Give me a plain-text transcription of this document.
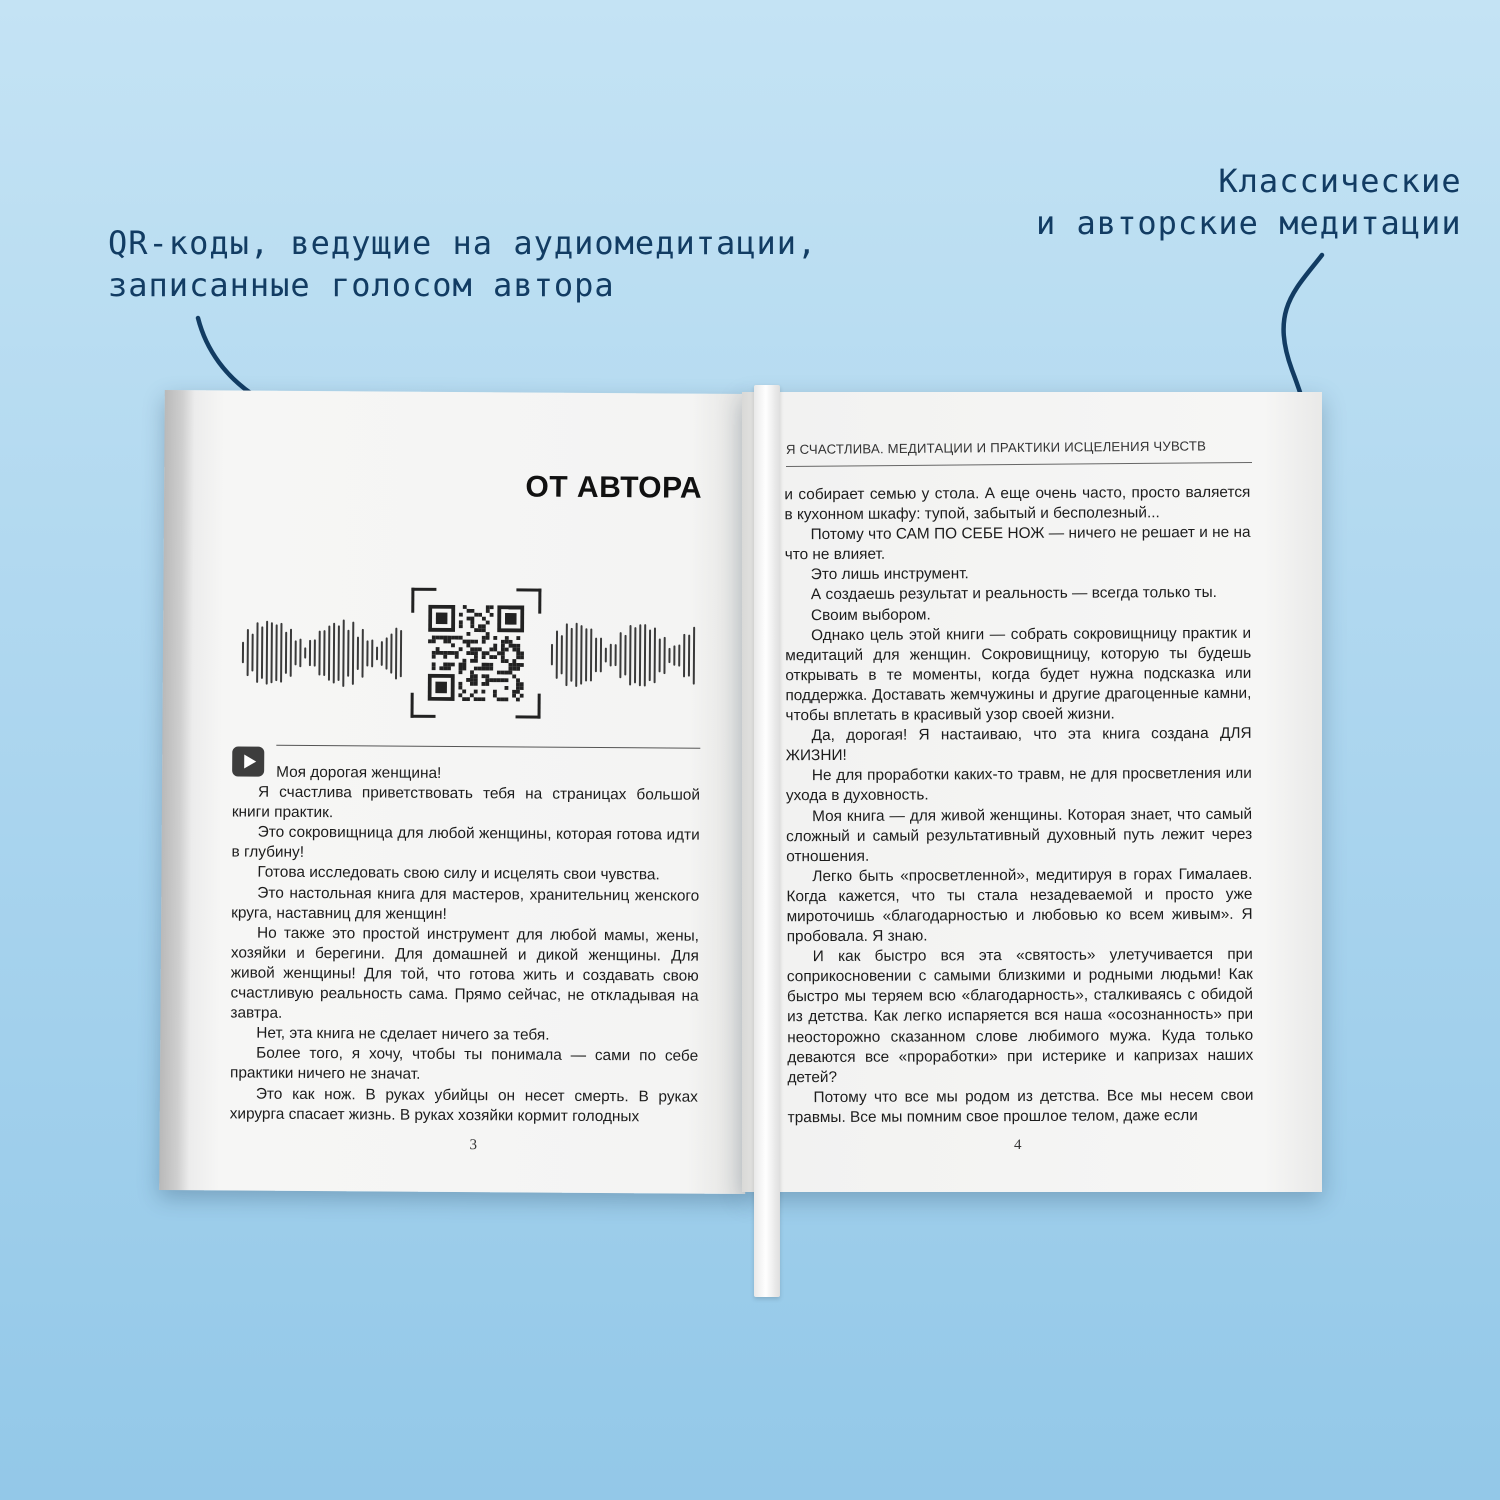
QR-коды, ведущие на аудиомедитации,
записанные голосом автора
Классические
и авторские медитации
ОТ АВТОРА

Моя дорогая женщина!

Я счастлива приветствовать тебя на страницах большой книги практик.

Это сокровищница для любой женщины, которая готова идти в глубину!

Готова исследовать свою силу и исцелять свои чувства.

Это настольная книга для мастеров, хранительниц женского круга, наставниц для женщин!

Но также это простой инструмент для любой мамы, жены, хозяйки и берегини. Для домашней и дикой женщины. Для живой женщины! Для той, что готова жить и создавать свою счастливую реальность сама. Прямо сейчас, не откладывая на завтра.

Нет, эта книга не сделает ничего за тебя.

Более того, я хочу, чтобы ты понимала — сами по себе практики ничего не значат.

Это как нож. В руках убийцы он несет смерть. В руках хирурга спасает жизнь. В руках хозяйки кормит голодных

3
Я СЧАСТЛИВА. МЕДИТАЦИИ И ПРАКТИКИ ИСЦЕЛЕНИЯ ЧУВСТВ

и собирает семью у стола. А еще очень часто, просто валяется в кухонном шкафу: тупой, забытый и бесполезный...

Потому что САМ ПО СЕБЕ НОЖ — ничего не решает и не на что не влияет.

Это лишь инструмент.

А создаешь результат и реальность — всегда только ты.

Своим выбором.

Однако цель этой книги — собрать сокровищницу практик и медитаций для женщин. Сокровищницу, которую ты будешь открывать в те моменты, когда будет нужна подсказка или поддержка. Доставать жемчужины и другие драгоценные камни, чтобы вплетать в красивый узор своей жизни.

Да, дорогая! Я настаиваю, что эта книга создана ДЛЯ ЖИЗНИ!

Не для проработки каких-то травм, не для просветления или ухода в духовность.

Моя книга — для живой женщины. Которая знает, что самый сложный и самый результативный духовный путь лежит через отношения.

Легко быть «просветленной», медитируя в горах Гималаев. Когда кажется, что ты стала незадеваемой и просто уже мироточишь «благодарностью и любовью ко всем живым». Я пробовала. Я знаю.

И как быстро вся эта «святость» улетучивается при соприкосновении с самыми близкими и родными людьми! Как быстро мы теряем всю «благодарность», сталкиваясь с обидой из детства. Как легко испаряется вся наша «осознанность» при неосторожно сказанном слове любимого мужа. Куда только деваются все «проработки» при истерике и капризах наших детей?

Потому что все мы родом из детства. Все мы несем свои травмы. Все мы помним свое прошлое телом, даже если

4
